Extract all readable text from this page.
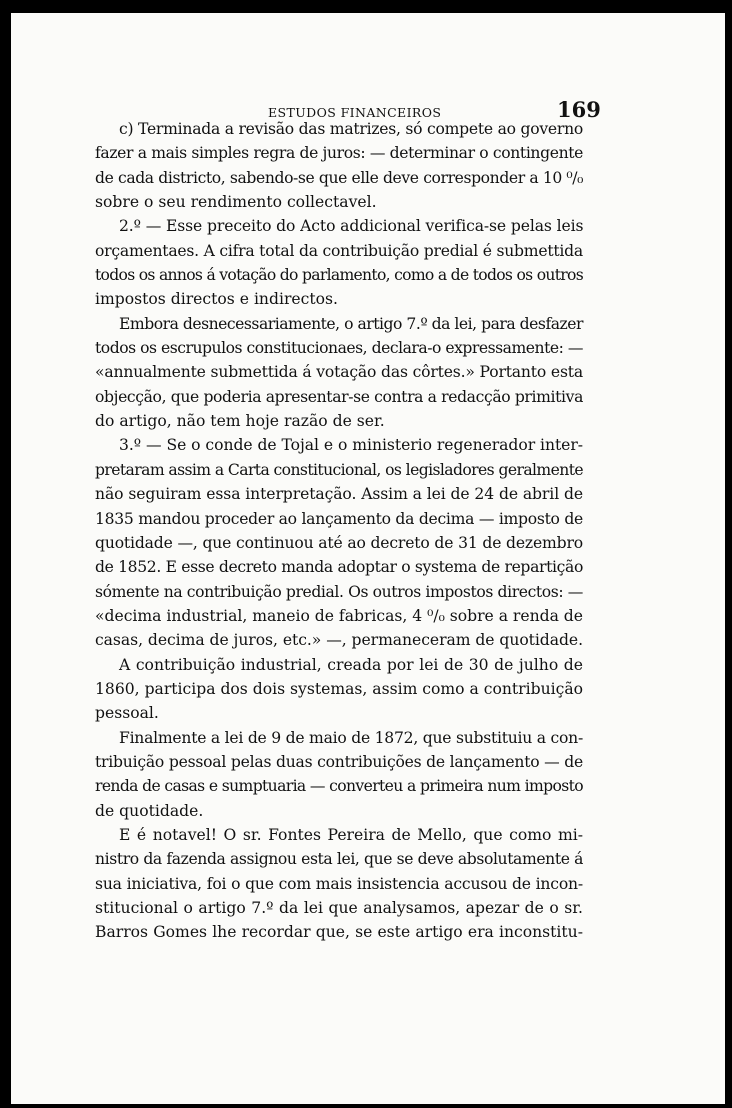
ESTUDOS FINANCEIROS	169
c) Terminada a revisão das matrizes, só compete ao governo
fazer a mais simples regra de juros: — determinar o contingente
de cada districto, sabendo-se que elle deve corresponder a 10 ⁰/₀
sobre o seu rendimento collectavel.
2.º — Esse preceito do Acto addicional verifica-se pelas leis
orçamentaes. A cifra total da contribuição predial é submettida
todos os annos á votação do parlamento, como a de todos os outros
impostos directos e indirectos.
Embora desnecessariamente, o artigo 7.º da lei, para desfazer
todos os escrupulos constitucionaes, declara-o expressamente: —
«annualmente submettida á votação das côrtes.» Portanto esta
objecção, que poderia apresentar-se contra a redacção primitiva
do artigo, não tem hoje razão de ser.
3.º — Se o conde de Tojal e o ministerio regenerador inter-
pretaram assim a Carta constitucional, os legisladores geralmente
não seguiram essa interpretação. Assim a lei de 24 de abril de
1835 mandou proceder ao lançamento da decima — imposto de
quotidade —, que continuou até ao decreto de 31 de dezembro
de 1852. E esse decreto manda adoptar o systema de repartição
sómente na contribuição predial. Os outros impostos directos: —
«decima industrial, maneio de fabricas, 4 ⁰/₀ sobre a renda de
casas, decima de juros, etc.» —, permaneceram de quotidade.
A contribuição industrial, creada por lei de 30 de julho de
1860, participa dos dois systemas, assim como a contribuição
pessoal.
Finalmente a lei de 9 de maio de 1872, que substituiu a con-
tribuição pessoal pelas duas contribuições de lançamento — de
renda de casas e sumptuaria — converteu a primeira num imposto
de quotidade.
E é notavel! O sr. Fontes Pereira de Mello, que como mi-
nistro da fazenda assignou esta lei, que se deve absolutamente á
sua iniciativa, foi o que com mais insistencia accusou de incon-
stitucional o artigo 7.º da lei que analysamos, apezar de o sr.
Barros Gomes lhe recordar que, se este artigo era inconstitu-
